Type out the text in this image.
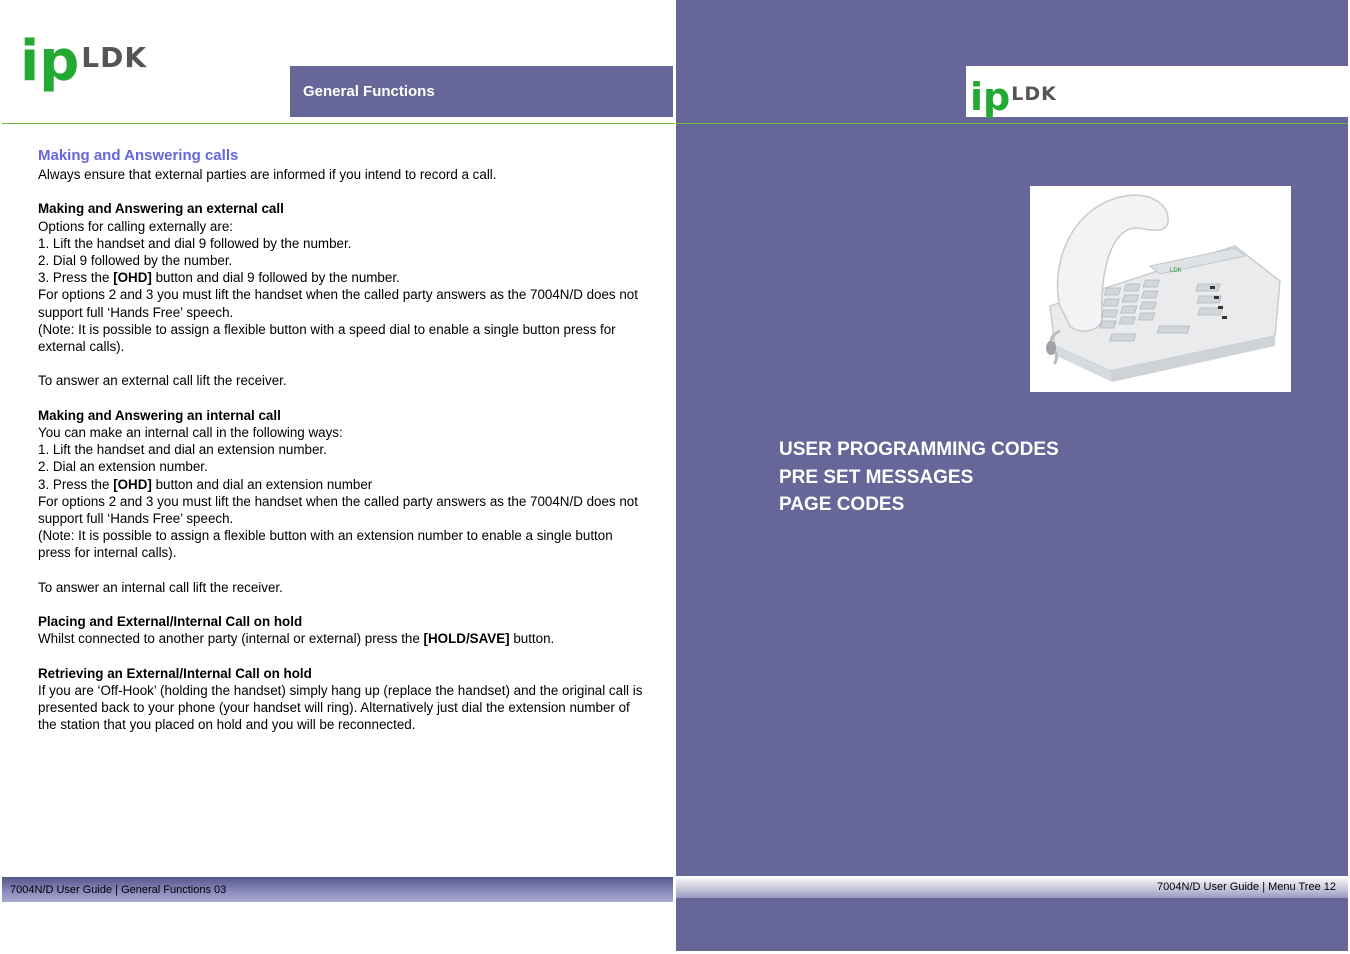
ip LDK
General Functions

Making and Answering calls

Always ensure that external parties are informed if you intend to record a call.

Making and Answering an external call

Options for calling externally are:

1. Lift the handset and dial 9 followed by the number.

2. Dial 9 followed by the number.

3. Press the [OHD] button and dial 9 followed by the number.

For options 2 and 3 you must lift the handset when the called party answers as the 7004N/D does not support full ‘Hands Free’ speech.

(Note: It is possible to assign a flexible button with a speed dial to enable a single button press for external calls).

To answer an external call lift the receiver.

Making and Answering an internal call

You can make an internal call in the following ways:

1. Lift the handset and dial an extension number.

2. Dial an extension number.

3. Press the [OHD] button and dial an extension number

For options 2 and 3 you must lift the handset when the called party answers as the 7004N/D does not support full ‘Hands Free’ speech.

(Note: It is possible to assign a flexible button with an extension number to enable a single button press for internal calls).

To answer an internal call lift the receiver.

Placing and External/Internal Call on hold

Whilst connected to another party (internal or external) press the [HOLD/SAVE] button.

Retrieving an External/Internal Call on hold

If you are ‘Off-Hook’ (holding the handset) simply hang up (replace the handset) and the original call is presented back to your phone (your handset will ring). Alternatively just dial the extension number of the station that you placed on hold and you will be reconnected.

7004N/D User Guide | General Functions 03
ip LDK
LDK
USER PROGRAMMING CODES
PRE SET MESSAGES
PAGE CODES
7004N/D User Guide | Menu Tree 12
